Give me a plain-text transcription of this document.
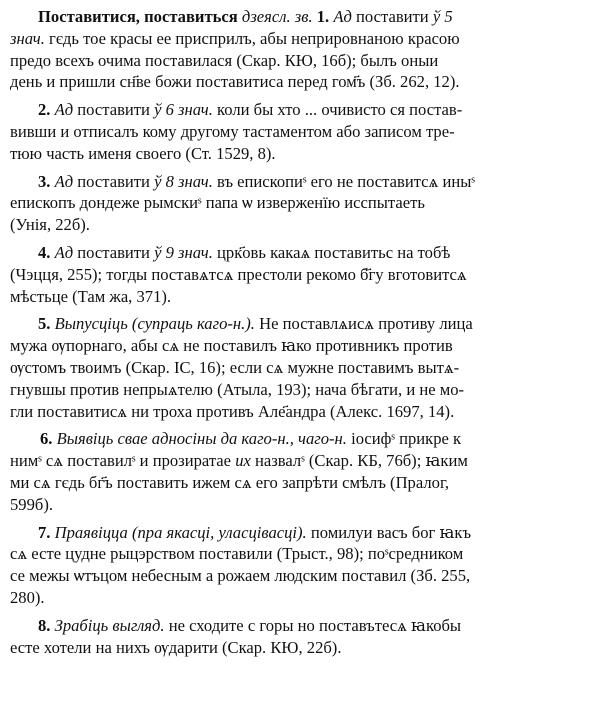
Поставитися, поставиться дзеясл. зв. 1. Ад поставити ў 5
знач. гєдь тое красы ее присприлъ, абы неприровнаною красою
предо всехъ очима поставилася (Скар. КЮ, 16б); былъ оныи
день и пришли сн҃ве божи поставитиса перед гом҃ъ (Зб. 262, 12).
2. Ад поставити ў 6 знач. коли бы хто ... очивисто ся постав-
вивши и отписалъ кому другому тастаментом або записом тре-
тюю часть именя своего (Ст. 1529, 8).
3. Ад поставити ў 8 знач. въ епископиˢ его не поставитсѧ иныˢ
епископъ дондеже рымскиˢ папа ѡ изверженїю исспытаеть
(Унія, 22б).
4. Ад поставити ў 9 знач. црк҃овь какаѧ поставитьс на тобѣ
(Чэцця, 255); тогды поставѧтсѧ престоли рекомо б҃гу вготовитсѧ
мѣстьце (Там жа, 371).
5. Выпусціць (супраць каго-н.). Не поставлѧисѧ противу лица
мужа ѹпорнаго, абы сѧ не поставилъ ꙗко противникъ против
ѹстомъ твоимъ (Скар. ІС, 16); если сѧ мужне поставимъ вытѧ-
гнувшы против непрыѧтелю (Атыла, 193); нача бѣгати, и не мо-
гли поставитисѧ ни троха противъ Але҃андра (Алекс. 1697, 14).
6. Выявіць свае адносіны да каго-н., чаго-н. іосифˢ прикре к
нимˢ сѧ поставилˢ и прозиратае их назвалˢ (Скар. КБ, 76б); ꙗким
ми сѧ гєдь бг҃ъ поставить ижем сѧ его запрѣти смѣлъ (Пралог,
599б).
7. Праявіцца (пра якасці, уласцівасці). помилуи васъ бог ꙗкъ
сѧ есте цудне рыцэрством поставили (Трыст., 98); поˢсредником
се межы ѡтъцом небесным а рожаем людским поставил (Зб. 255,
280).
8. Зрабіць выгляд. не сходите с горы но поставътесѧ ꙗкобы
есте хотели на нихъ ѹдарити (Скар. КЮ, 22б).
